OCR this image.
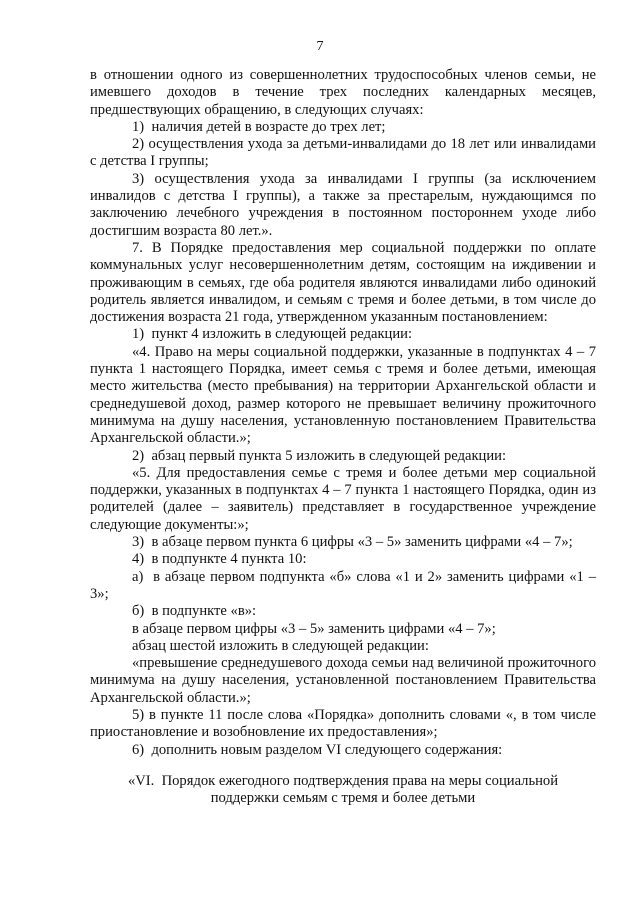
7

в отношении одного из совершеннолетних трудоспособных членов семьи, не имевшего доходов в течение трех последних календарных месяцев, предшествующих обращению, в следующих случаях:

1)  наличия детей в возрасте до трех лет;

2) осуществления ухода за детьми-инвалидами до 18 лет или инвалидами с детства I группы;

3) осуществления ухода за инвалидами I группы (за исключением инвалидов с детства I группы), а также за престарелым, нуждающимся по заключению лечебного учреждения в постоянном постороннем уходе либо достигшим возраста 80 лет.».

7. В Порядке предоставления мер социальной поддержки по оплате коммунальных услуг несовершеннолетним детям, состоящим на иждивении и проживающим в семьях, где оба родителя являются инвалидами либо одинокий родитель является инвалидом, и семьям с тремя и более детьми, в том числе до достижения возраста 21 года, утвержденном указанным постановлением:

1)  пункт 4 изложить в следующей редакции:

«4. Право на меры социальной поддержки, указанные в подпунктах 4 – 7 пункта 1 настоящего Порядка, имеет семья с тремя и более детьми, имеющая место жительства (место пребывания) на территории Архангельской области и среднедушевой доход, размер которого не превышает величину прожиточного минимума на душу населения, установленную постановлением Правительства Архангельской области.»;

2)  абзац первый пункта 5 изложить в следующей редакции:

«5. Для предоставления семье с тремя и более детьми мер социальной поддержки, указанных в подпунктах 4 – 7 пункта 1 настоящего Порядка, один из родителей (далее – заявитель) представляет в государственное учреждение следующие документы:»;

3)  в абзаце первом пункта 6 цифры «3 – 5» заменить цифрами «4 – 7»;

4)  в подпункте 4 пункта 10:

а)  в абзаце первом подпункта «б» слова «1 и 2» заменить цифрами «1 – 3»;

б)  в подпункте «в»:

в абзаце первом цифры «3 – 5» заменить цифрами «4 – 7»;

абзац шестой изложить в следующей редакции:

«превышение среднедушевого дохода семьи над величиной прожиточного минимума на душу населения, установленной постановлением Правительства Архангельской области.»;

5) в пункте 11 после слова «Порядка» дополнить словами «, в том числе приостановление и возобновление их предоставления»;

6)  дополнить новым разделом VI следующего содержания:

«VI.  Порядок ежегодного подтверждения права на меры социальной
поддержки семьям с тремя и более детьми
